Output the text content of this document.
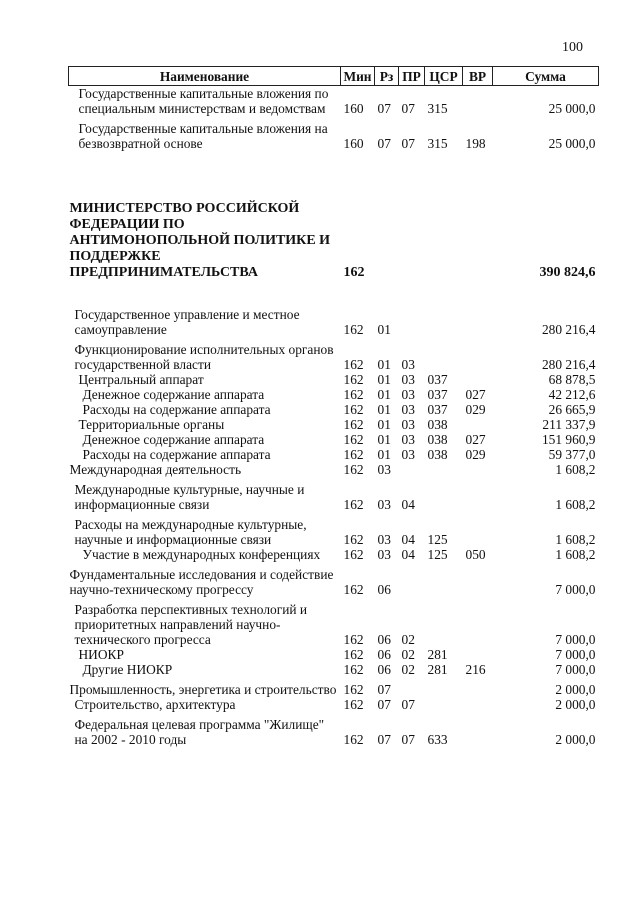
100
Наименование	Мин	Рз	ПР	ЦСР	ВР	Сумма
Государственные капитальные вложения по специальным министерствам и ведомствам	160	07	07	315		25 000,0
Государственные капитальные вложения на безвозвратной основе	160	07	07	315	198	25 000,0
МИНИСТЕРСТВО РОССИЙСКОЙ ФЕДЕРАЦИИ ПО АНТИМОНОПОЛЬНОЙ ПОЛИТИКЕ И ПОДДЕРЖКЕ ПРЕДПРИНИМАТЕЛЬСТВА	162					390 824,6
Государственное управление и местное самоуправление	162	01				280 216,4
Функционирование исполнительных органов государственной власти	162	01	03			280 216,4
Центральный аппарат	162	01	03	037		68 878,5
Денежное содержание аппарата	162	01	03	037	027	42 212,6
Расходы на содержание аппарата	162	01	03	037	029	26 665,9
Территориальные органы	162	01	03	038		211 337,9
Денежное содержание аппарата	162	01	03	038	027	151 960,9
Расходы на содержание аппарата	162	01	03	038	029	59 377,0
Международная деятельность	162	03				1 608,2
Международные культурные, научные и информационные связи	162	03	04			1 608,2
Расходы на международные культурные, научные и информационные связи	162	03	04	125		1 608,2
Участие в международных конференциях	162	03	04	125	050	1 608,2
Фундаментальные исследования и содействие научно-техническому прогрессу	162	06				7 000,0
Разработка перспективных технологий и приоритетных направлений научно-технического прогресса	162	06	02			7 000,0
НИОКР	162	06	02	281		7 000,0
Другие НИОКР	162	06	02	281	216	7 000,0
Промышленность, энергетика и строительство	162	07				2 000,0
Строительство, архитектура	162	07	07			2 000,0
Федеральная целевая программа "Жилище" на 2002 - 2010 годы	162	07	07	633		2 000,0
